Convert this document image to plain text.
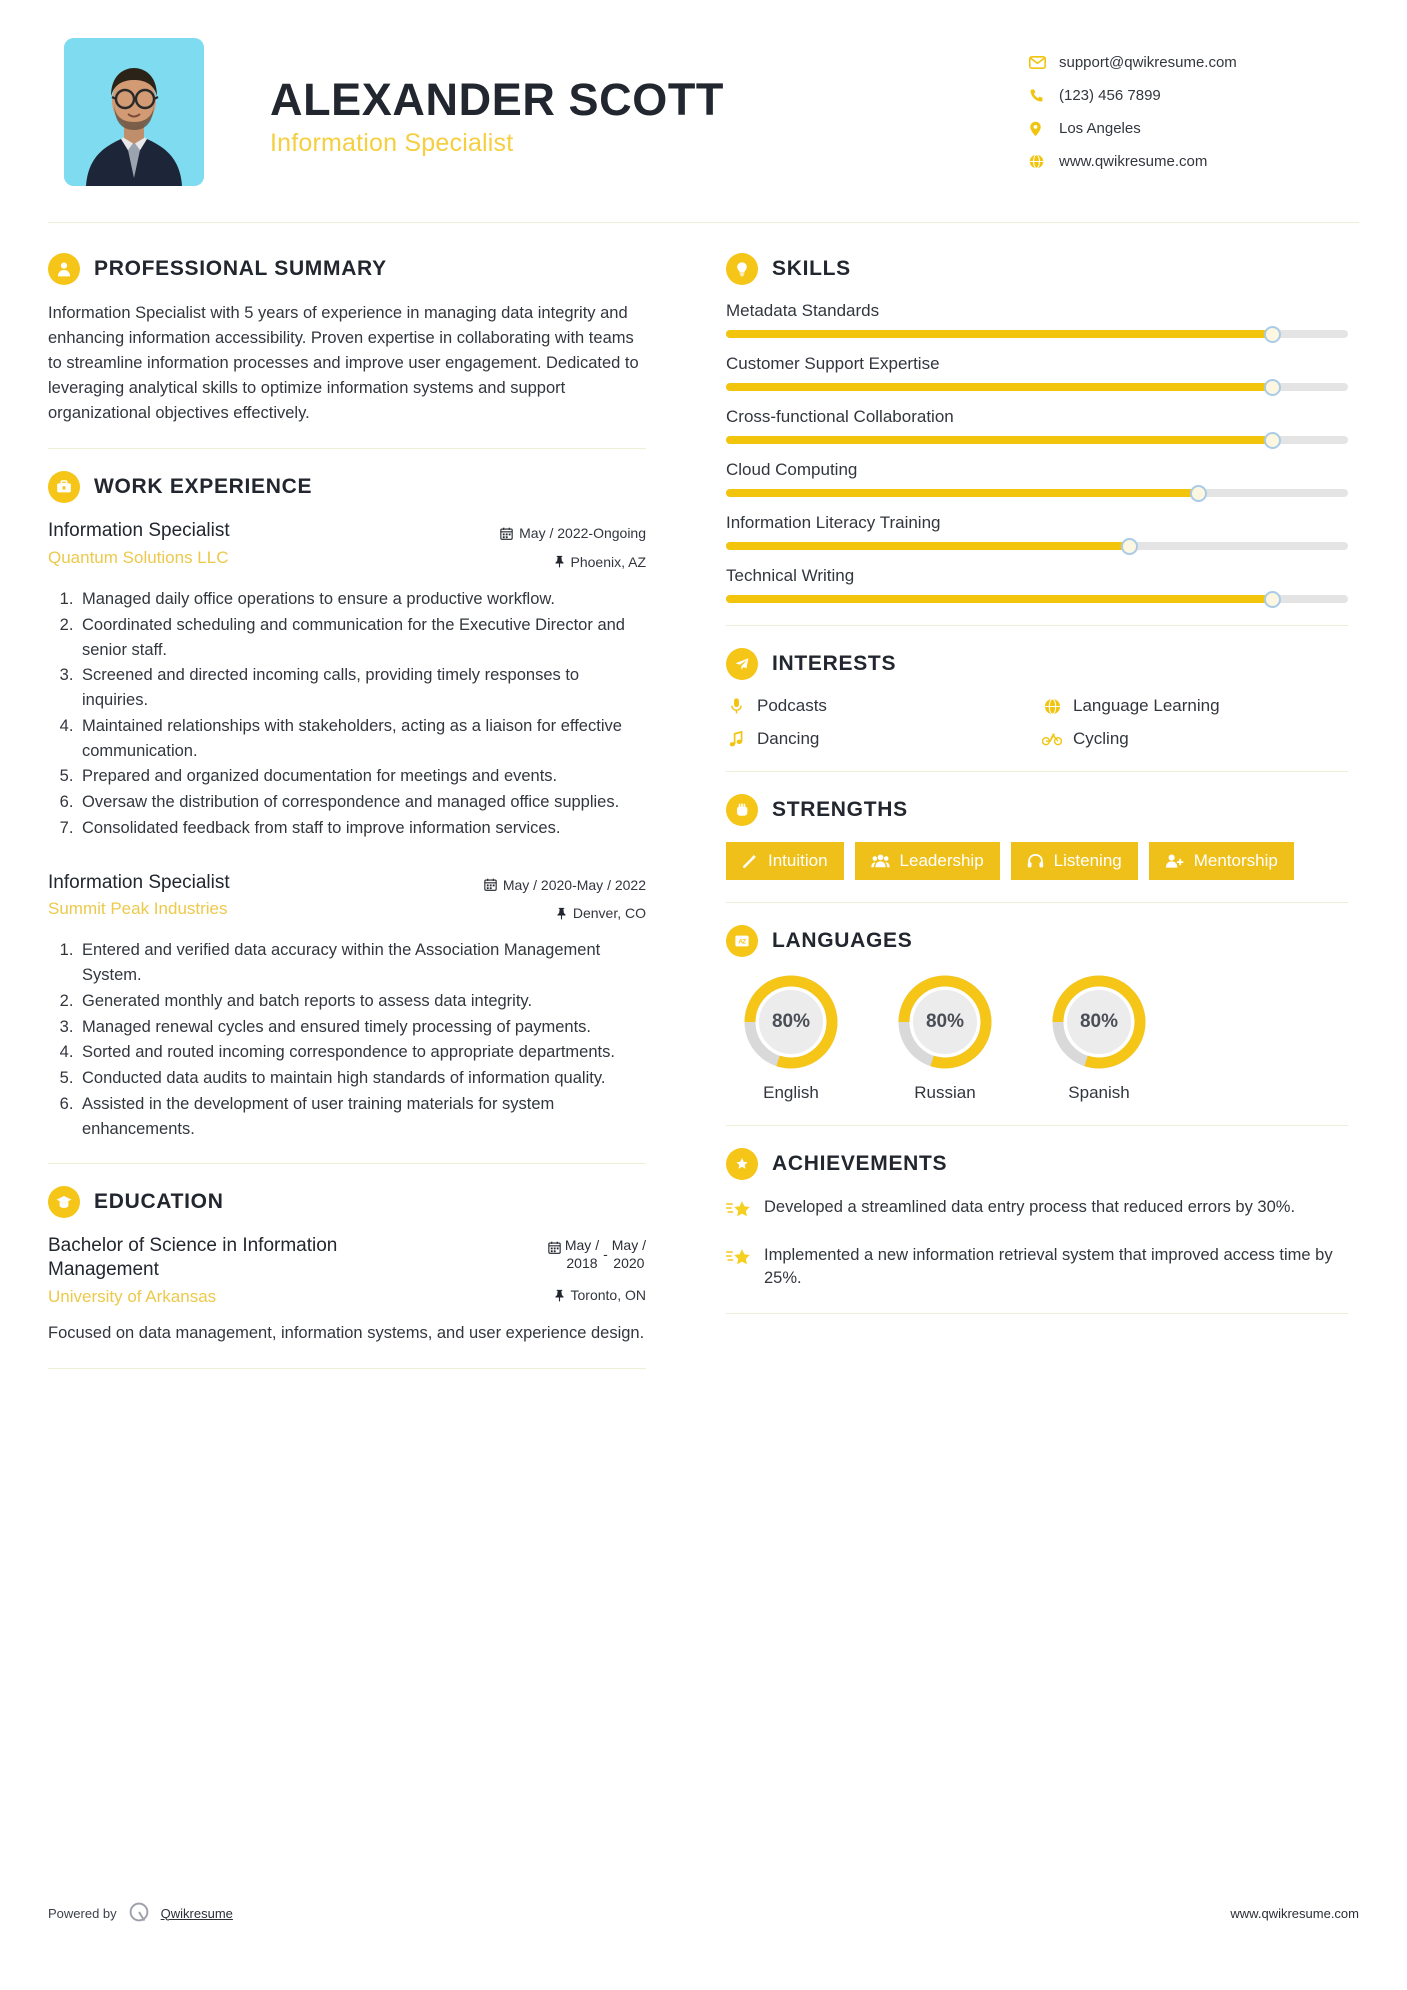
ALEXANDER SCOTT
Information Specialist
support@qwikresume.com
(123) 456 7899
Los Angeles
www.qwikresume.com
PROFESSIONAL SUMMARY
Information Specialist with 5 years of experience in managing data integrity and enhancing information accessibility. Proven expertise in collaborating with teams to streamline information processes and improve user engagement. Dedicated to leveraging analytical skills to optimize information systems and support organizational objectives effectively.
WORK EXPERIENCE
Information Specialist
Quantum Solutions LLC
May / 2022-Ongoing
Phoenix, AZ
1. Managed daily office operations to ensure a productive workflow.
2. Coordinated scheduling and communication for the Executive Director and senior staff.
3. Screened and directed incoming calls, providing timely responses to inquiries.
4. Maintained relationships with stakeholders, acting as a liaison for effective communication.
5. Prepared and organized documentation for meetings and events.
6. Oversaw the distribution of correspondence and managed office supplies.
7. Consolidated feedback from staff to improve information services.
Information Specialist
Summit Peak Industries
May / 2020-May / 2022
Denver, CO
1. Entered and verified data accuracy within the Association Management System.
2. Generated monthly and batch reports to assess data integrity.
3. Managed renewal cycles and ensured timely processing of payments.
4. Sorted and routed incoming correspondence to appropriate departments.
5. Conducted data audits to maintain high standards of information quality.
6. Assisted in the development of user training materials for system enhancements.
EDUCATION
Bachelor of Science in Information Management
University of Arkansas
May /
2018
-
May /
2020
Toronto, ON
Focused on data management, information systems, and user experience design.
SKILLS
Metadata Standards
Customer Support Expertise
Cross-functional Collaboration
Cloud Computing
Information Literacy Training
Technical Writing
INTERESTS
Podcasts	Language Learning
Dancing	Cycling
STRENGTHS
Intuition	Leadership	Listening	Mentorship
A Z LANGUAGES
80%
English
80%
Russian
80%
Spanish
ACHIEVEMENTS
Developed a streamlined data entry process that reduced errors by 30%.
Implemented a new information retrieval system that improved access time by 25%.
Powered by	Qwikresume	www.qwikresume.com
